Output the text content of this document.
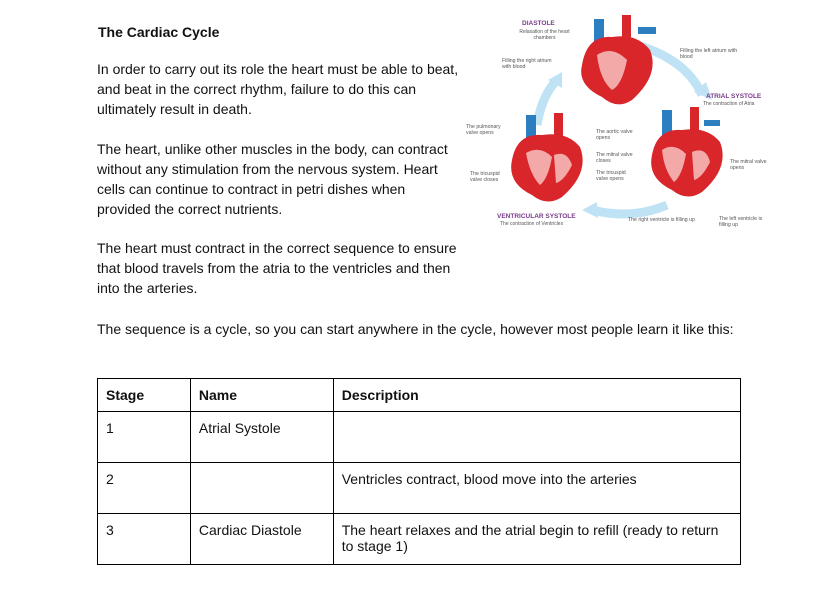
The Cardiac Cycle

In order to carry out its role the heart must be able to beat, and beat in the correct rhythm, failure to do this can ultimately result in death.

The heart, unlike other muscles in the body, can contract without any stimulation from the nervous system. Heart cells can continue to contract in petri dishes when provided the correct nutrients.

The heart must contract in the correct sequence to ensure that blood travels from the atria to the ventricles and then into the arteries.

The sequence is a cycle, so you can start anywhere in the cycle, however most people learn it like this:

DIASTOLE
Relaxation of the heart chambers
ATRIAL SYSTOLE
The contraction of Atria
VENTRICULAR SYSTOLE
The contraction of Ventricles
Filling the right atrium with blood
Filling the left atrium with blood
The pulmonary valve opens	The aortic valve opens
The mitral valve closes
The tricuspid valve opens
The tricuspid valve closes
The mitral valve opens
The right ventricle is filling up	The left ventricle is filling up
Stage	Name	Description
1	Atrial Systole	
2		Ventricles contract, blood move into the arteries
3	Cardiac Diastole	The heart relaxes and the atrial begin to refill (ready to return to stage 1)
